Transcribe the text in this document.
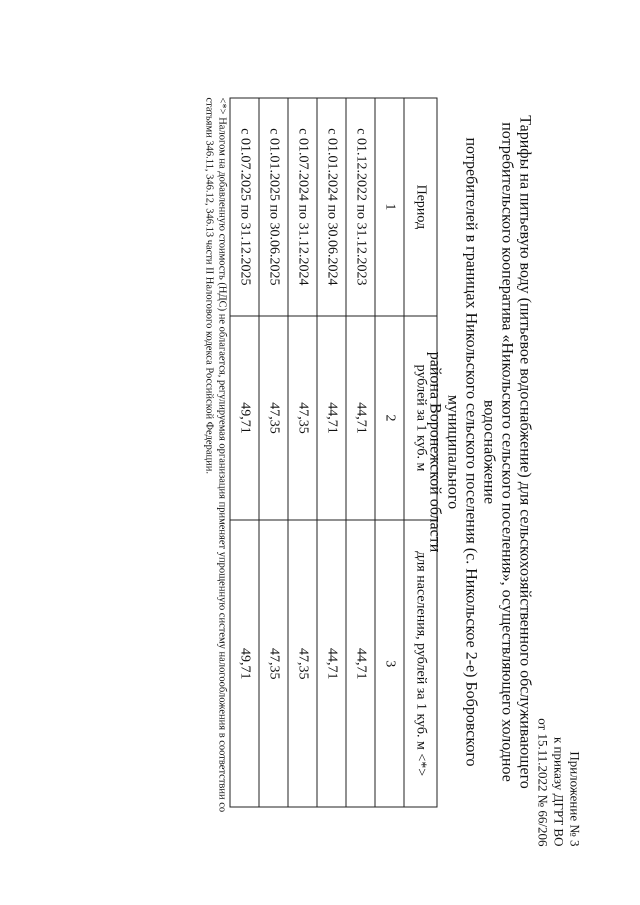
Приложение № 3
к приказу ДГРТ ВО
от 15.11.2022 № 66/206
Тарифы на питьевую воду (питьевое водоснабжение) для сельскохозяйственного обслуживающего
потребительского кооператива «Никольского сельского поселения», осуществляющего холодное водоснабжение
потребителей в границах Никольского сельского поселения (с. Никольское 2-е) Бобровского муниципального
района Воронежской области
Период	рублей за 1 куб. м	для населения, рублей за 1 куб. м <*>
1	2	3
с 01.12.2022 по 31.12.2023	44,71	44,71
с 01.01.2024 по 30.06.2024	44,71	44,71
с 01.07.2024 по 31.12.2024	47,35	47,35
с 01.01.2025 по 30.06.2025	47,35	47,35
с 01.07.2025 по 31.12.2025	49,71	49,71
<*> Налогом на добавленную стоимость (НДС) не облагается, регулируемая организация применяет упрощенную систему налогообложения в соответствии со статьями 346.11, 346.12, 346.13 части II Налогового кодекса Российской Федерации.
